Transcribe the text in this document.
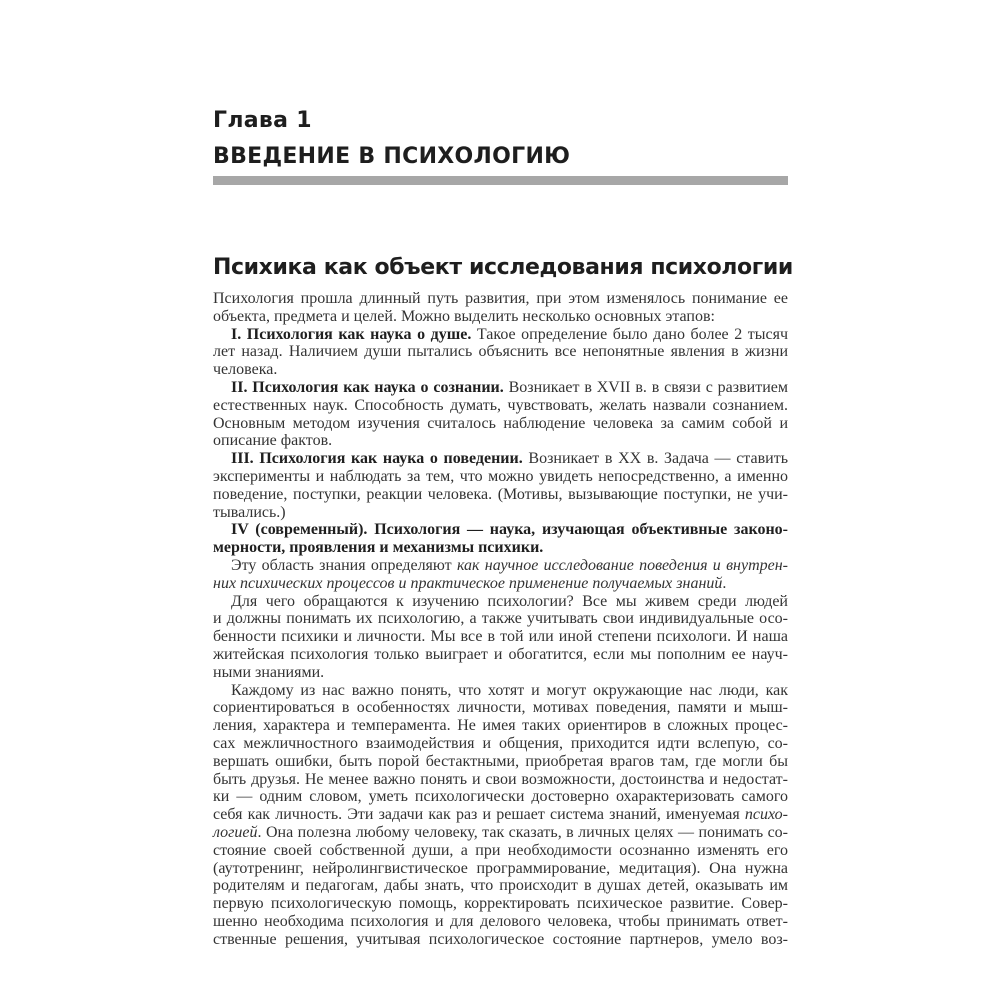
Глава 1
ВВЕДЕНИЕ В ПСИХОЛОГИЮ
Психика как объект исследования психологии
Психология прошла длинный путь развития, при этом изменялось понимание ее
объекта, предмета и целей. Можно выделить несколько основных этапов:
I. Психология как наука о душе. Такое определение было дано более 2 тысяч
лет назад. Наличием души пытались объяснить все непонятные явления в жизни
человека.
II. Психология как наука о сознании. Возникает в XVII в. в связи с развитием
естественных наук. Способность думать, чувствовать, желать назвали сознанием.
Основным методом изучения считалось наблюдение человека за самим собой и
описание фактов.
III. Психология как наука о поведении. Возникает в XX в. Задача — ставить
эксперименты и наблюдать за тем, что можно увидеть непосредственно, а именно
поведение, поступки, реакции человека. (Мотивы, вызывающие поступки, не учи-
тывались.)
IV (современный). Психология — наука, изучающая объективные законо-
мерности, проявления и механизмы психики.
Эту область знания определяют как научное исследование поведения и внутрен-
них психических процессов и практическое применение получаемых знаний.
Для чего обращаются к изучению психологии? Все мы живем среди людей
и должны понимать их психологию, а также учитывать свои индивидуальные осо-
бенности психики и личности. Мы все в той или иной степени психологи. И наша
житейская психология только выиграет и обогатится, если мы пополним ее науч-
ными знаниями.
Каждому из нас важно понять, что хотят и могут окружающие нас люди, как
сориентироваться в особенностях личности, мотивах поведения, памяти и мыш-
ления, характера и темперамента. Не имея таких ориентиров в сложных процес-
сах межличностного взаимодействия и общения, приходится идти вслепую, со-
вершать ошибки, быть порой бестактными, приобретая врагов там, где могли бы
быть друзья. Не менее важно понять и свои возможности, достоинства и недостат-
ки — одним словом, уметь психологически достоверно охарактеризовать самого
себя как личность. Эти задачи как раз и решает система знаний, именуемая психо-
логией. Она полезна любому человеку, так сказать, в личных целях — понимать со-
стояние своей собственной души, а при необходимости осознанно изменять его
(аутотренинг, нейролингвистическое программирование, медитация). Она нужна
родителям и педагогам, дабы знать, что происходит в душах детей, оказывать им
первую психологическую помощь, корректировать психическое развитие. Совер-
шенно необходима психология и для делового человека, чтобы принимать ответ-
ственные решения, учитывая психологическое состояние партнеров, умело воз-
